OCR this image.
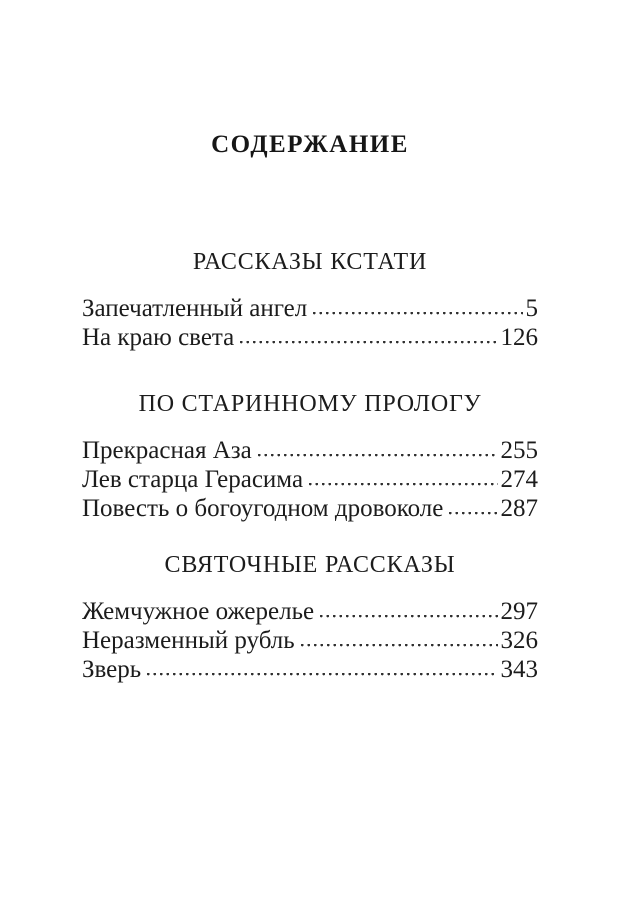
СОДЕРЖАНИЕ
РАССКАЗЫ КСТАТИ
Запечатленный ангел	5
На краю света	126
ПО СТАРИННОМУ ПРОЛОГУ
Прекрасная Аза	255
Лев старца Герасима	274
Повесть о богоугодном дровоколе 287
СВЯТОЧНЫЕ РАССКАЗЫ
Жемчужное ожерелье	297
Неразменный рубль	326
Зверь	343
